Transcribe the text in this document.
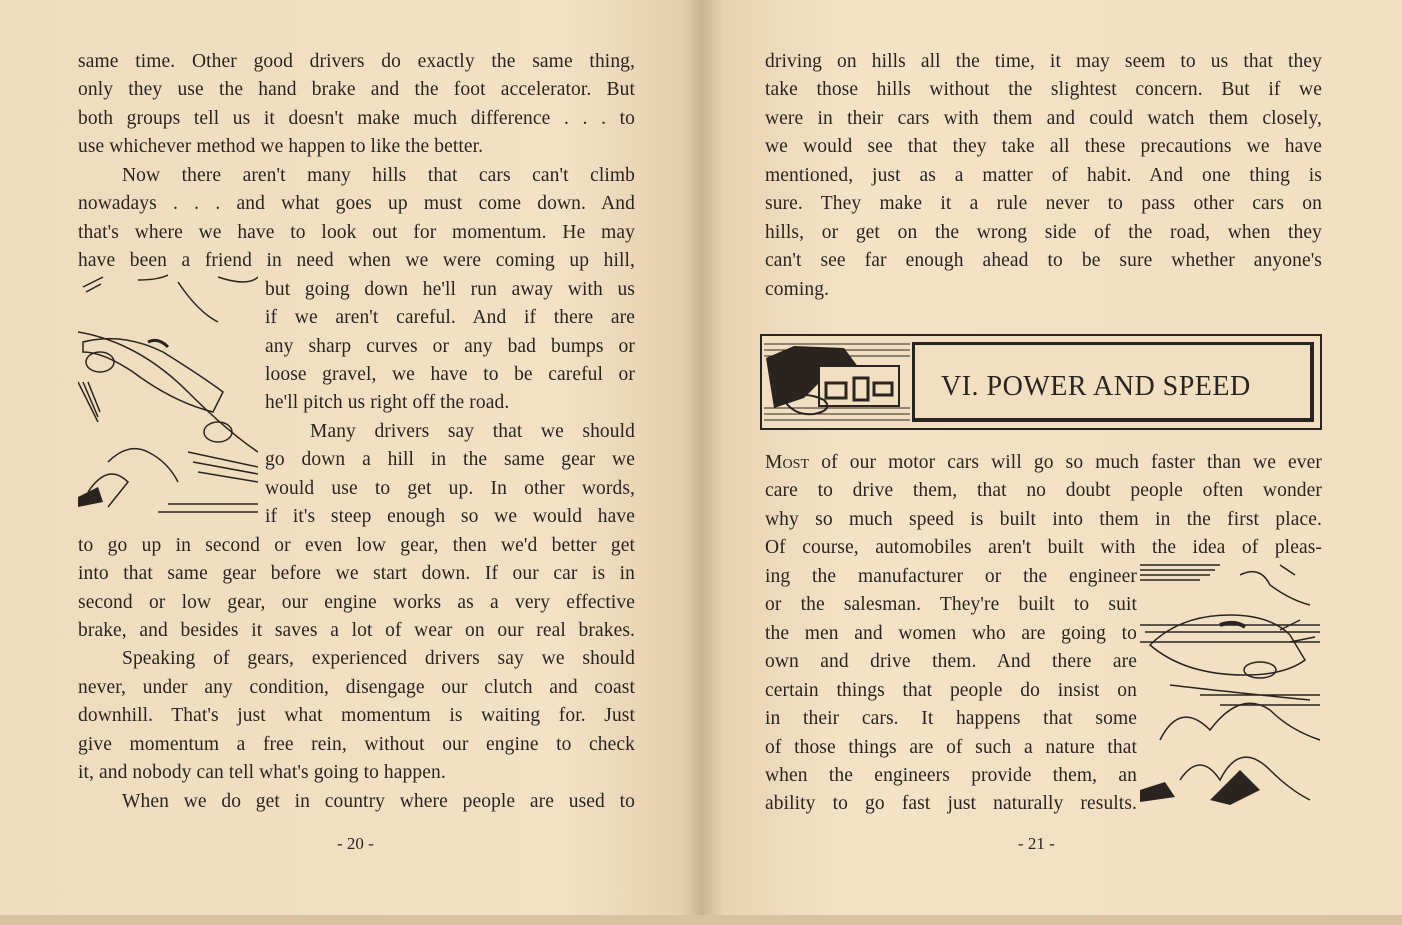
- 20 -	- 21 -
VI. POWER AND SPEED
same time. Other good drivers do exactly the same thing,
only they use the hand brake and the foot accelerator. But
both groups tell us it doesn't make much difference . . . to
use whichever method we happen to like the better.
Now there aren't many hills that cars can't climb
nowadays . . . and what goes up must come down. And
that's where we have to look out for momentum. He may
have been a friend in need when we were coming up hill,
but going down he'll run away with us
if we aren't careful. And if there are
any sharp curves or any bad bumps or
loose gravel, we have to be careful or
he'll pitch us right off the road.
Many drivers say that we should
go down a hill in the same gear we
would use to get up. In other words,
if it's steep enough so we would have
to go up in second or even low gear, then we'd better get
into that same gear before we start down. If our car is in
second or low gear, our engine works as a very effective
brake, and besides it saves a lot of wear on our real brakes.
Speaking of gears, experienced drivers say we should
never, under any condition, disengage our clutch and coast
downhill. That's just what momentum is waiting for. Just
give momentum a free rein, without our engine to check
it, and nobody can tell what's going to happen.
When we do get in country where people are used to
driving on hills all the time, it may seem to us that they
take those hills without the slightest concern. But if we
were in their cars with them and could watch them closely,
we would see that they take all these precautions we have
mentioned, just as a matter of habit. And one thing is
sure. They make it a rule never to pass other cars on
hills, or get on the wrong side of the road, when they
can't see far enough ahead to be sure whether anyone's
coming.
Most of our motor cars will go so much faster than we ever
care to drive them, that no doubt people often wonder
why so much speed is built into them in the first place.
Of course, automobiles aren't built with the idea of pleas-
ing the manufacturer or the engineer
or the salesman. They're built to suit
the men and women who are going to
own and drive them. And there are
certain things that people do insist on
in their cars. It happens that some
of those things are of such a nature that
when the engineers provide them, an
ability to go fast just naturally results.
